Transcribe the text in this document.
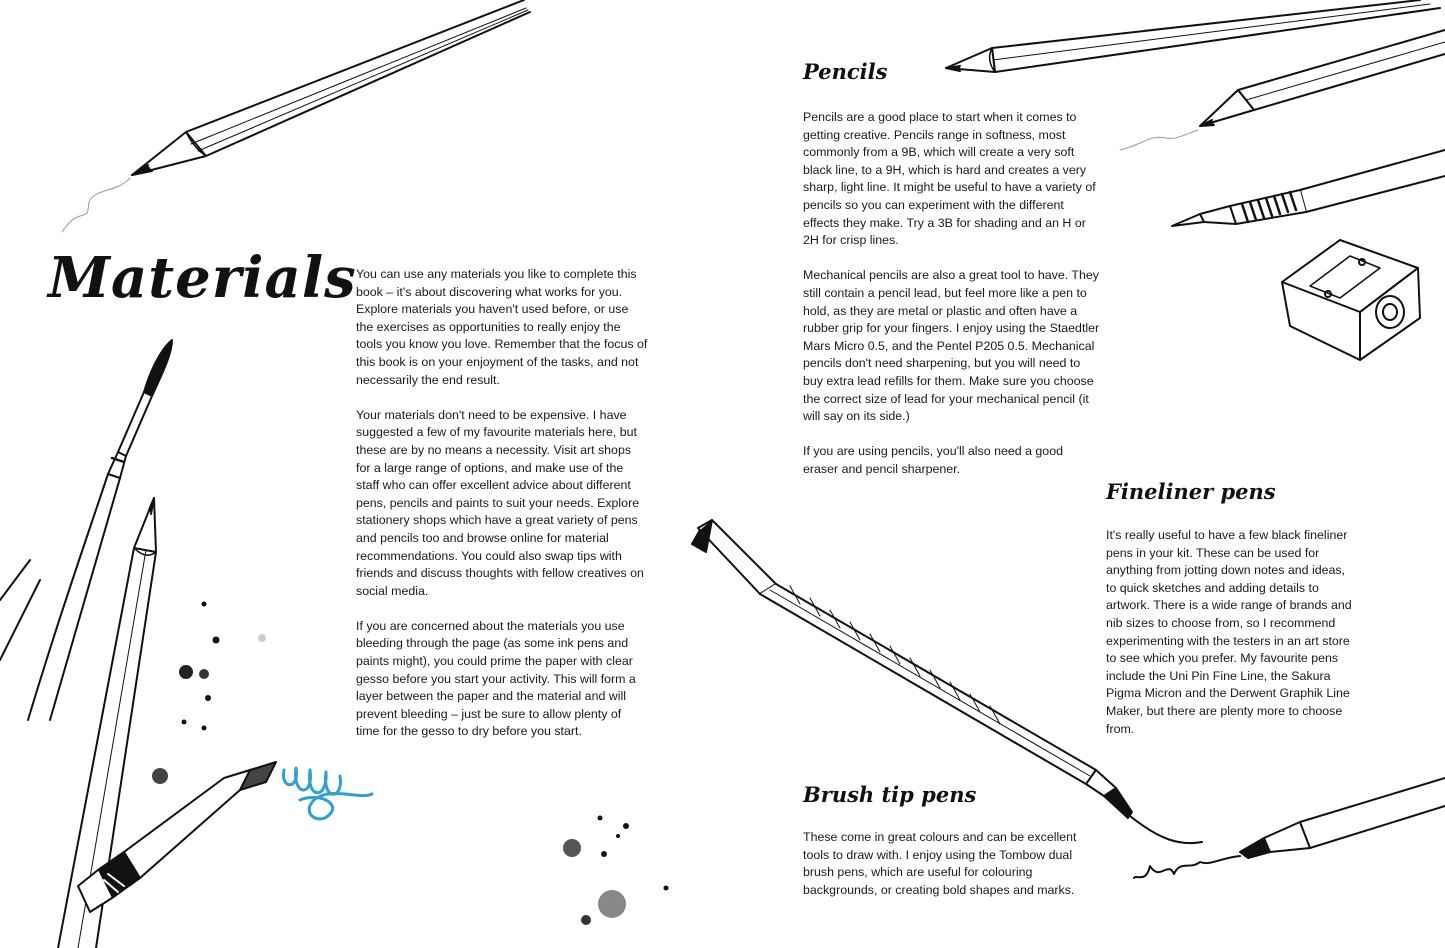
Materials You can use any materials you like to complete this book – it's about discovering what works for you. Explore materials you haven't used before, or use the exercises as opportunities to really enjoy the tools you know you love. Remember that the focus of this book is on your enjoyment of the tasks, and not necessarily the end result.

Your materials don't need to be expensive. I have suggested a few of my favourite materials here, but these are by no means a necessity. Visit art shops for a large range of options, and make use of the staff who can offer excellent advice about different pens, pencils and paints to suit your needs. Explore stationery shops which have a great variety of pens and pencils too and browse online for material recommendations. You could also swap tips with friends and discuss thoughts with fellow creatives on social media.

If you are concerned about the materials you use bleeding through the page (as some ink pens and paints might), you could prime the paper with clear gesso before you start your activity. This will form a layer between the paper and the material and will prevent bleeding – just be sure to allow plenty of time for the gesso to dry before you start.

Pencils

Pencils are a good place to start when it comes to getting creative. Pencils range in softness, most commonly from a 9B, which will create a very soft black line, to a 9H, which is hard and creates a very sharp, light line. It might be useful to have a variety of pencils so you can experiment with the different effects they make. Try a 3B for shading and an H or 2H for crisp lines.

Mechanical pencils are also a great tool to have. They still contain a pencil lead, but feel more like a pen to hold, as they are metal or plastic and often have a rubber grip for your fingers. I enjoy using the Staedtler Mars Micro 0.5, and the Pentel P205 0.5. Mechanical pencils don't need sharpening, but you will need to buy extra lead refills for them. Make sure you choose the correct size of lead for your mechanical pencil (it will say on its side.)

If you are using pencils, you'll also need a good eraser and pencil sharpener.

Fineliner pens

It's really useful to have a few black fineliner pens in your kit. These can be used for anything from jotting down notes and ideas, to quick sketches and adding details to artwork. There is a wide range of brands and nib sizes to choose from, so I recommend experimenting with the testers in an art store to see which you prefer. My favourite pens include the Uni Pin Fine Line, the Sakura Pigma Micron and the Derwent Graphik Line Maker, but there are plenty more to choose from.

Brush tip pens

These come in great colours and can be excellent tools to draw with. I enjoy using the Tombow dual brush pens, which are useful for colouring backgrounds, or creating bold shapes and marks.
